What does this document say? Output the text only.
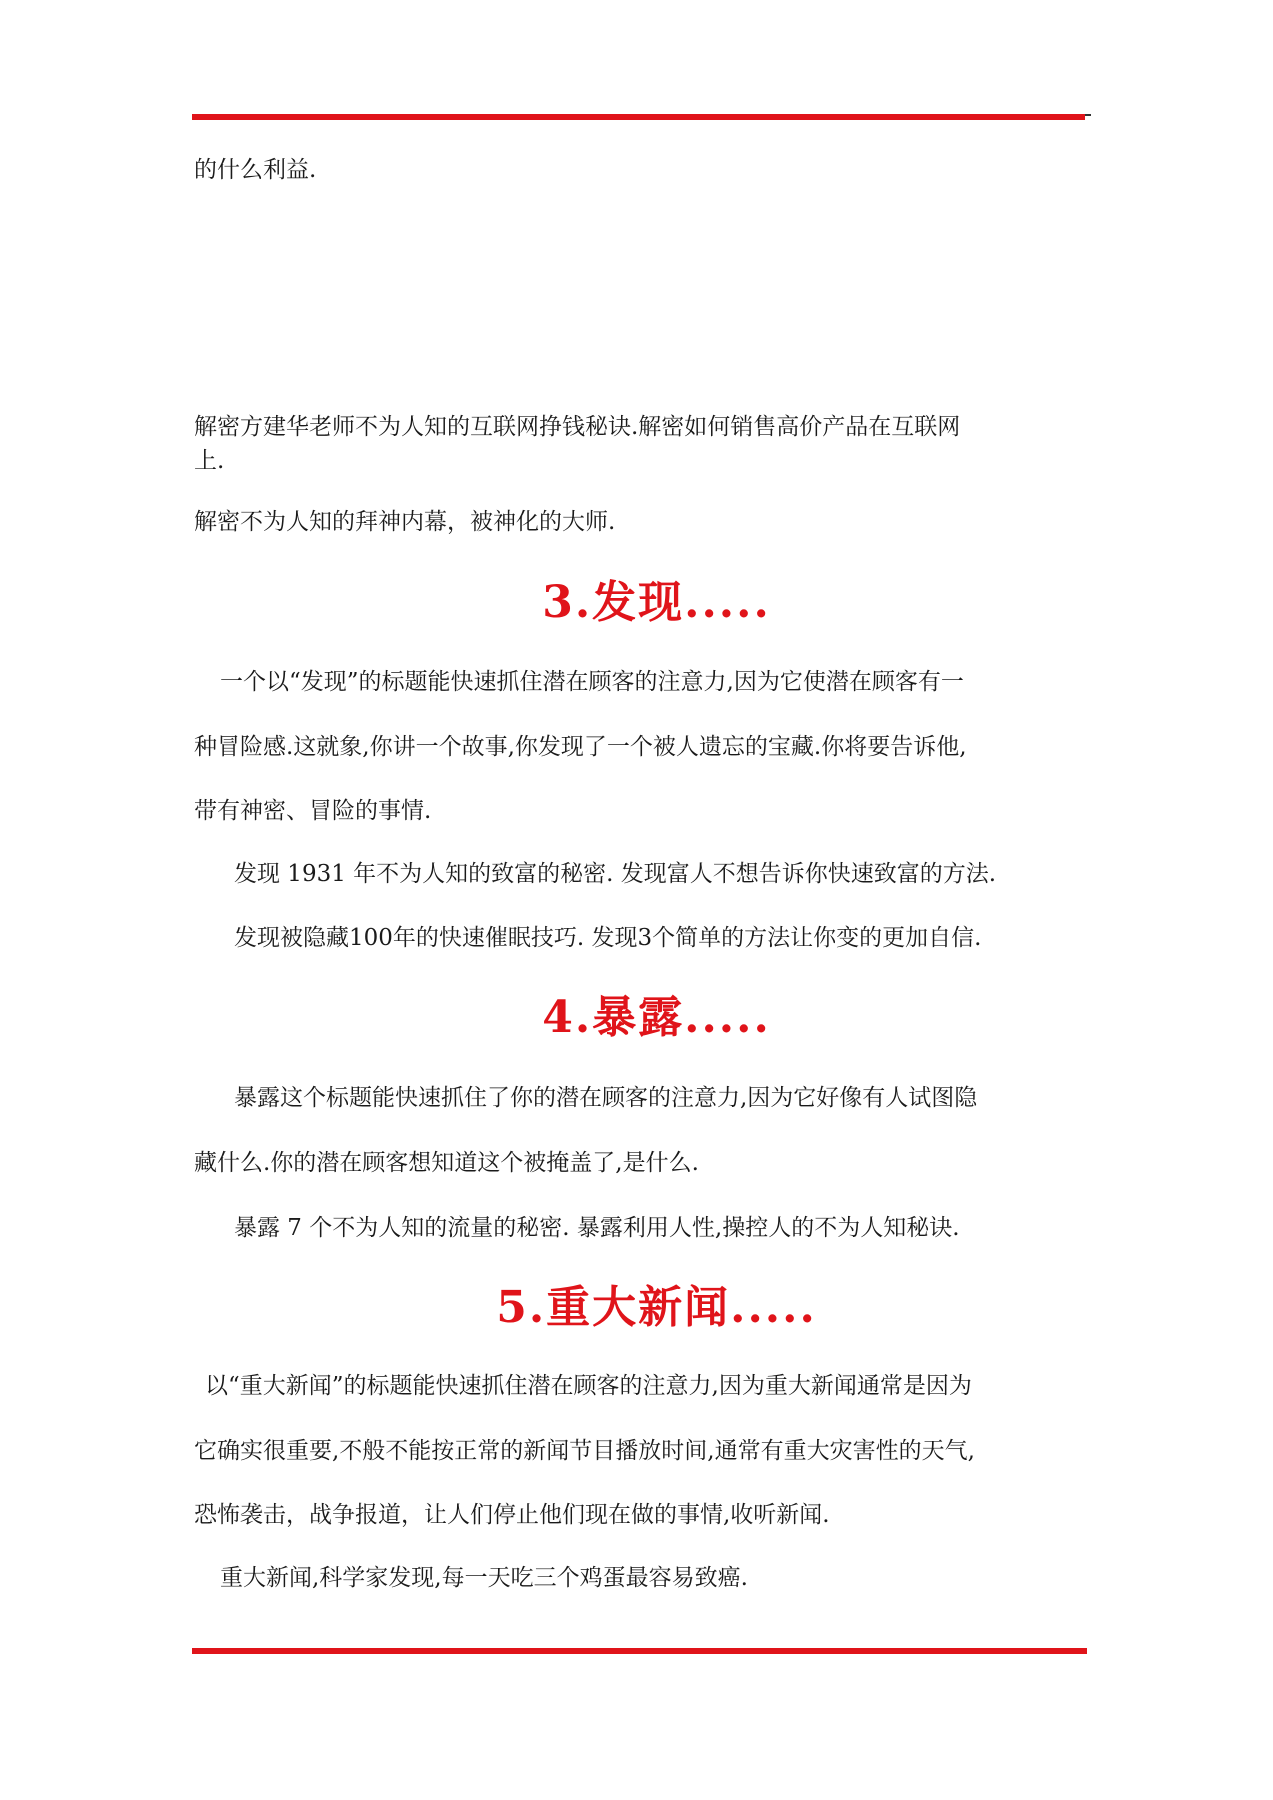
的什么利益.

解密方建华老师不为人知的互联网挣钱秘诀.解密如何销售高价产品在互联网

上.

解密不为人知的拜神内幕，被神化的大师.

3.发现.....

一个以“发现”的标题能快速抓住潜在顾客的注意力,因为它使潜在顾客有一

种冒险感.这就象,你讲一个故事,你发现了一个被人遗忘的宝藏.你将要告诉他,

带有神密、冒险的事情.

发现 1931 年不为人知的致富的秘密. 发现富人不想告诉你快速致富的方法.

发现被隐藏100年的快速催眠技巧. 发现3个简单的方法让你变的更加自信.

4.暴露.....

暴露这个标题能快速抓住了你的潜在顾客的注意力,因为它好像有人试图隐

藏什么.你的潜在顾客想知道这个被掩盖了,是什么.

暴露 7 个不为人知的流量的秘密. 暴露利用人性,操控人的不为人知秘诀.

5.重大新闻.....

以“重大新闻”的标题能快速抓住潜在顾客的注意力,因为重大新闻通常是因为

它确实很重要,不般不能按正常的新闻节目播放时间,通常有重大灾害性的天气,

恐怖袭击，战争报道，让人们停止他们现在做的事情,收听新闻.

重大新闻,科学家发现,每一天吃三个鸡蛋最容易致癌.
